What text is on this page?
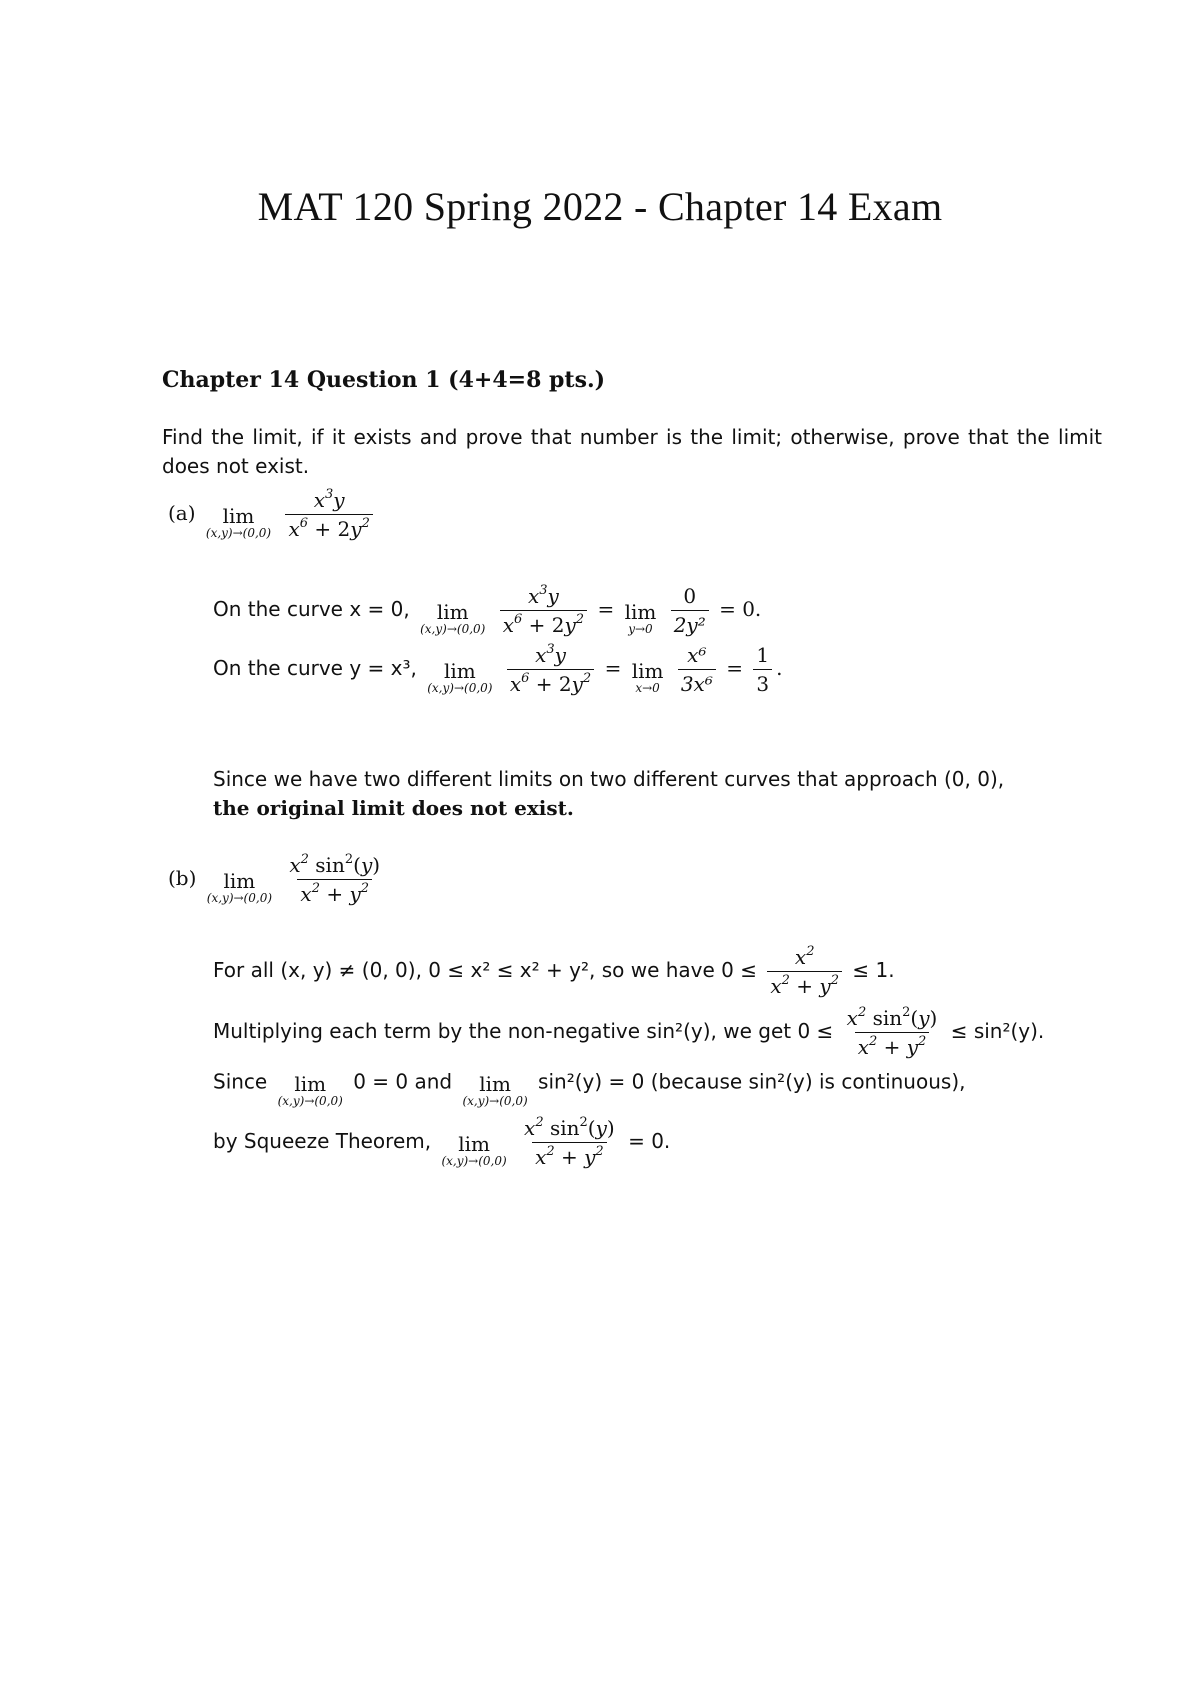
MAT 120 Spring 2022 - Chapter 14 Exam
Chapter 14 Question 1 (4+4=8 pts.)
Find the limit, if it exists and prove that number is the limit; otherwise, prove that the limit does not exist.
(a) lim
(x,y)→(0,0)
$\frac{x^3y}{x^6 + 2y^2}$
On the curve x = 0, lim
(x,y)→(0,0)
$\frac{x^3y}{x^6 + 2y^2} = \lim$
y→0
$\frac{0}{\text{2y²}} = 0$.
On the curve y = x³, lim
(x,y)→(0,0)
$\frac{x^3y}{x^6 + 2y^2} = \lim$
x→0
$\frac{\text{x⁶}}{\text{3x⁶}} = \frac{1}{3}$ .
Since we have two different limits on two different curves that approach (0, 0),
the original limit does not exist.
(b) lim
(x,y)→(0,0)
$\frac{x^2 \sin^2(y)}{x^2 + y^2}$
For all (x, y) ≠ (0, 0), 0 ≤ x² ≤ x² + y², so we have $0 \le \frac{x^2}{x^2 + y^2} \le 1$.
Multiplying each term by the non-negative sin²(y), we get $0 \le \frac{x^2 \sin^2(y)}{x^2 + y^2} \le \sin^2(y)$.
Since lim
(x,y)→(0,0)
0 = 0 and lim
(x,y)→(0,0)
sin²(y) = 0 (because sin²(y) is continuous),
by Squeeze Theorem, lim
(x,y)→(0,0)
$\frac{x^2 \sin^2(y)}{x^2 + y^2} = 0$.
